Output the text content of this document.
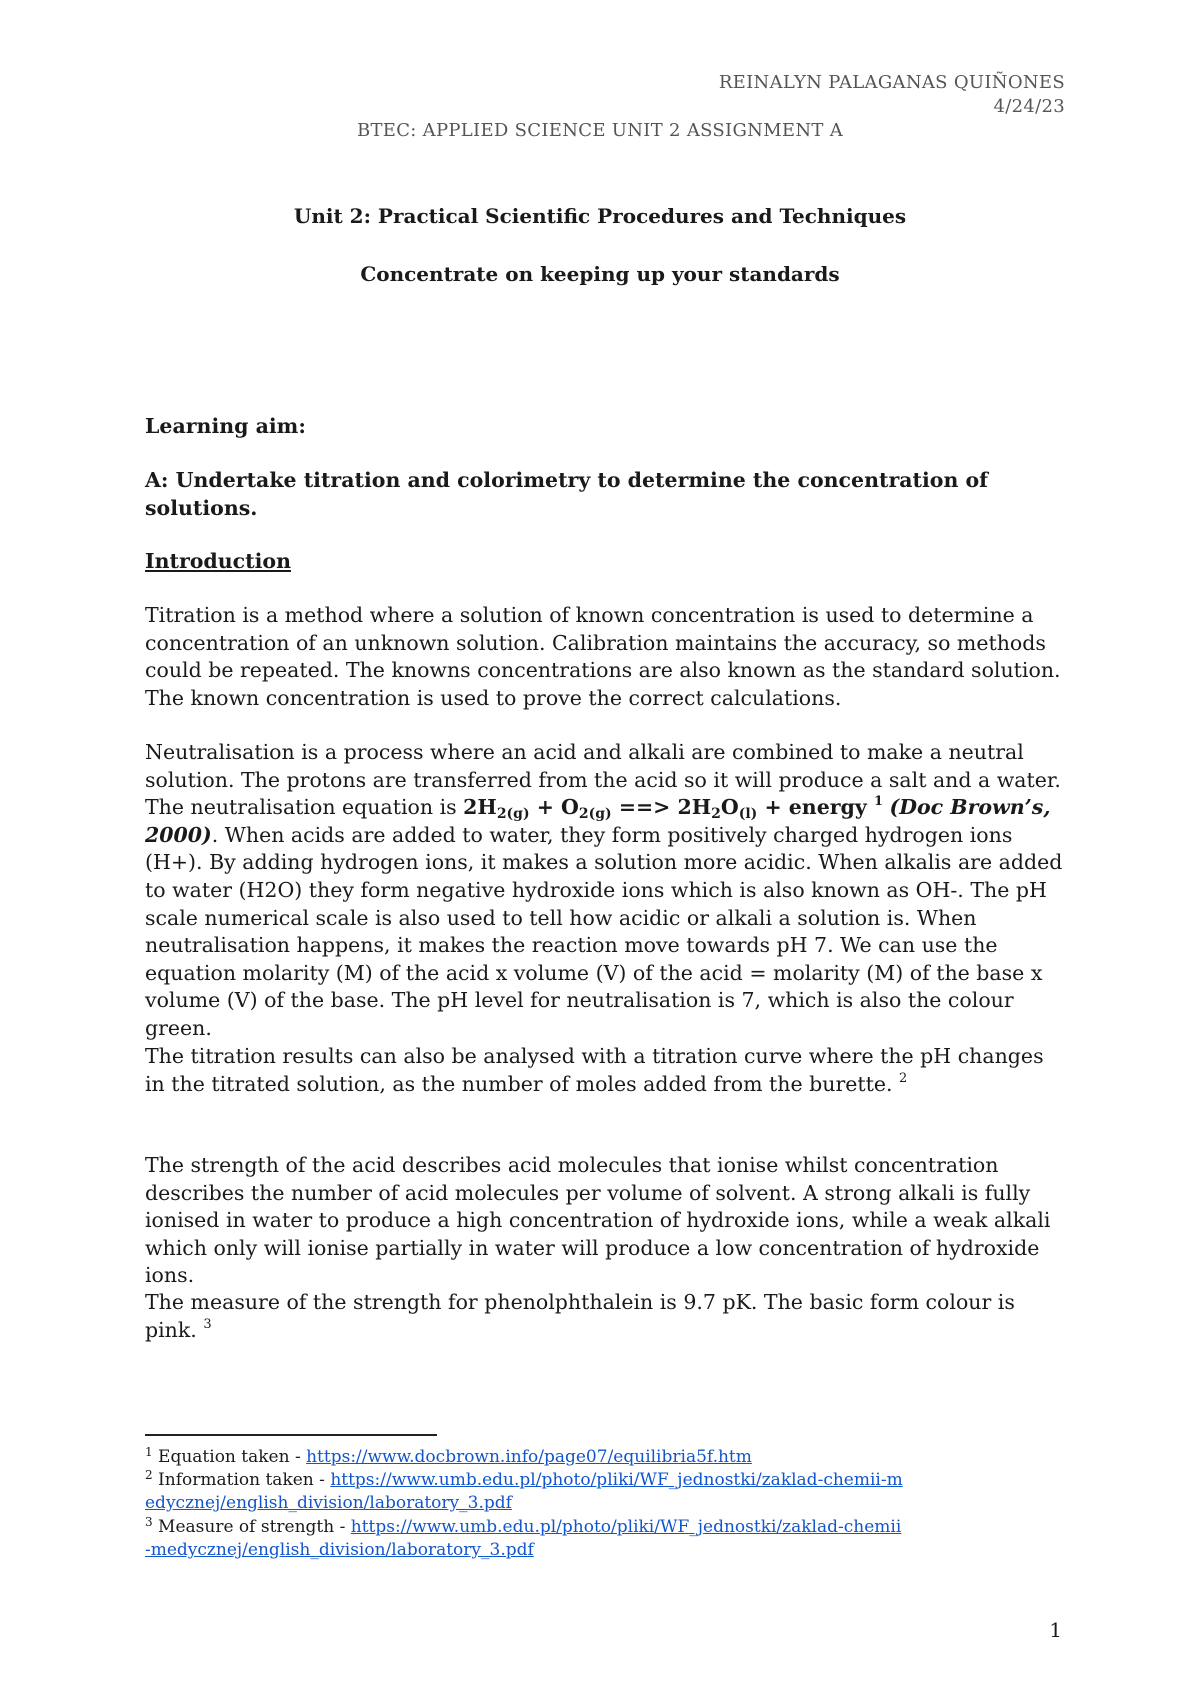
REINALYN PALAGANAS QUIÑONES
4/24/23
BTEC: APPLIED SCIENCE UNIT 2 ASSIGNMENT A
Unit 2: Practical Scientific Procedures and Techniques
Concentrate on keeping up your standards

Learning aim:

A: Undertake titration and colorimetry to determine the concentration of solutions.

Introduction

Titration is a method where a solution of known concentration is used to determine a concentration of an unknown solution. Calibration maintains the accuracy, so methods could be repeated. The knowns concentrations are also known as the standard solution. The known concentration is used to prove the correct calculations.

Neutralisation is a process where an acid and alkali are combined to make a neutral solution. The protons are transferred from the acid so it will produce a salt and a water. The neutralisation equation is $2H_{2(g)} + O_{2(g)}$ ==> $2H_2O_{(l)}$ + energy $^1$ (Doc Brown’s, 2000). When acids are added to water, they form positively charged hydrogen ions (H+). By adding hydrogen ions, it makes a solution more acidic. When alkalis are added to water (H2O) they form negative hydroxide ions which is also known as OH-. The pH scale numerical scale is also used to tell how acidic or alkali a solution is. When neutralisation happens, it makes the reaction move towards pH 7. We can use the equation molarity (M) of the acid x volume (V) of the acid = molarity (M) of the base x volume (V) of the base. The pH level for neutralisation is 7, which is also the colour green.

The titration results can also be analysed with a titration curve where the pH changes in the titrated solution, as the number of moles added from the burette. $^2$

The strength of the acid describes acid molecules that ionise whilst concentration describes the number of acid molecules per volume of solvent. A strong alkali is fully ionised in water to produce a high concentration of hydroxide ions, while a weak alkali which only will ionise partially in water will produce a low concentration of hydroxide ions.

The measure of the strength for phenolphthalein is 9.7 pK. The basic form colour is pink. $^3$

$^1$ Equation taken - https://www.docbrown.info/page07/equilibria5f.htm

$^2$ Information taken - https://www.umb.edu.pl/photo/pliki/WF_jednostki/zaklad-chemii-medycznej/english_division/laboratory_3.pdf

$^3$ Measure of strength - https://www.umb.edu.pl/photo/pliki/WF_jednostki/zaklad-chemii-medycznej/english_division/laboratory_3.pdf

1
